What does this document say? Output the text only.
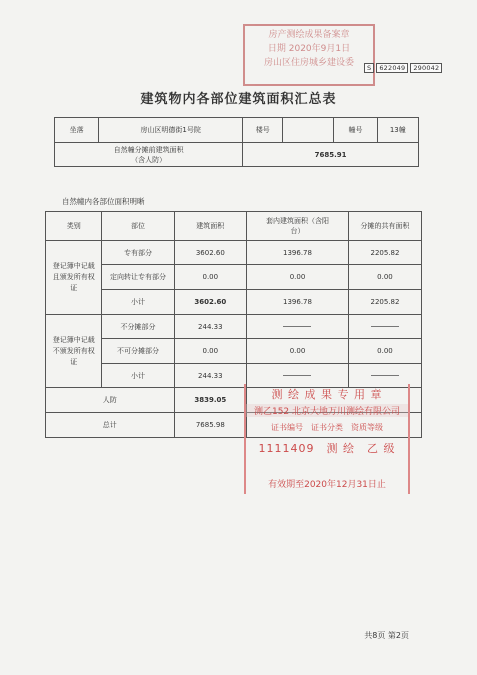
房产测绘成果备案章
日期 2020年9月1日
房山区住房城乡建设委	S 622049 290042
建筑物内各部位建筑面积汇总表
坐落	房山区明德街1号院	楼号		幢号	13幢

自然幢分摊前建筑面积
（含人防）		7685.91			
自然幢内各部位面积明晰
类别	部位	建筑面积	套内建筑面积（含阳台）	分摊的共有面积
登记簿中记载且颁发所有权证	专有部分	3602.60	1396.78	2205.82
	定向转让专有部分	0.00	0.00	0.00
	小计	3602.60	1396.78	2205.82
登记簿中记载不颁发所有权证	不分摊部分	244.33		
	不可分摊部分	0.00	0.00	0.00
	小计	244.33		
人防		3839.05		
总计		7685.98		
测 绘 成 果 专 用 章
测乙152 北京大地万川测绘有限公司
证书编号　证书分类　资质等级
1111409　测 绘　乙 级
有效期至2020年12月31日止
共8页 第2页
